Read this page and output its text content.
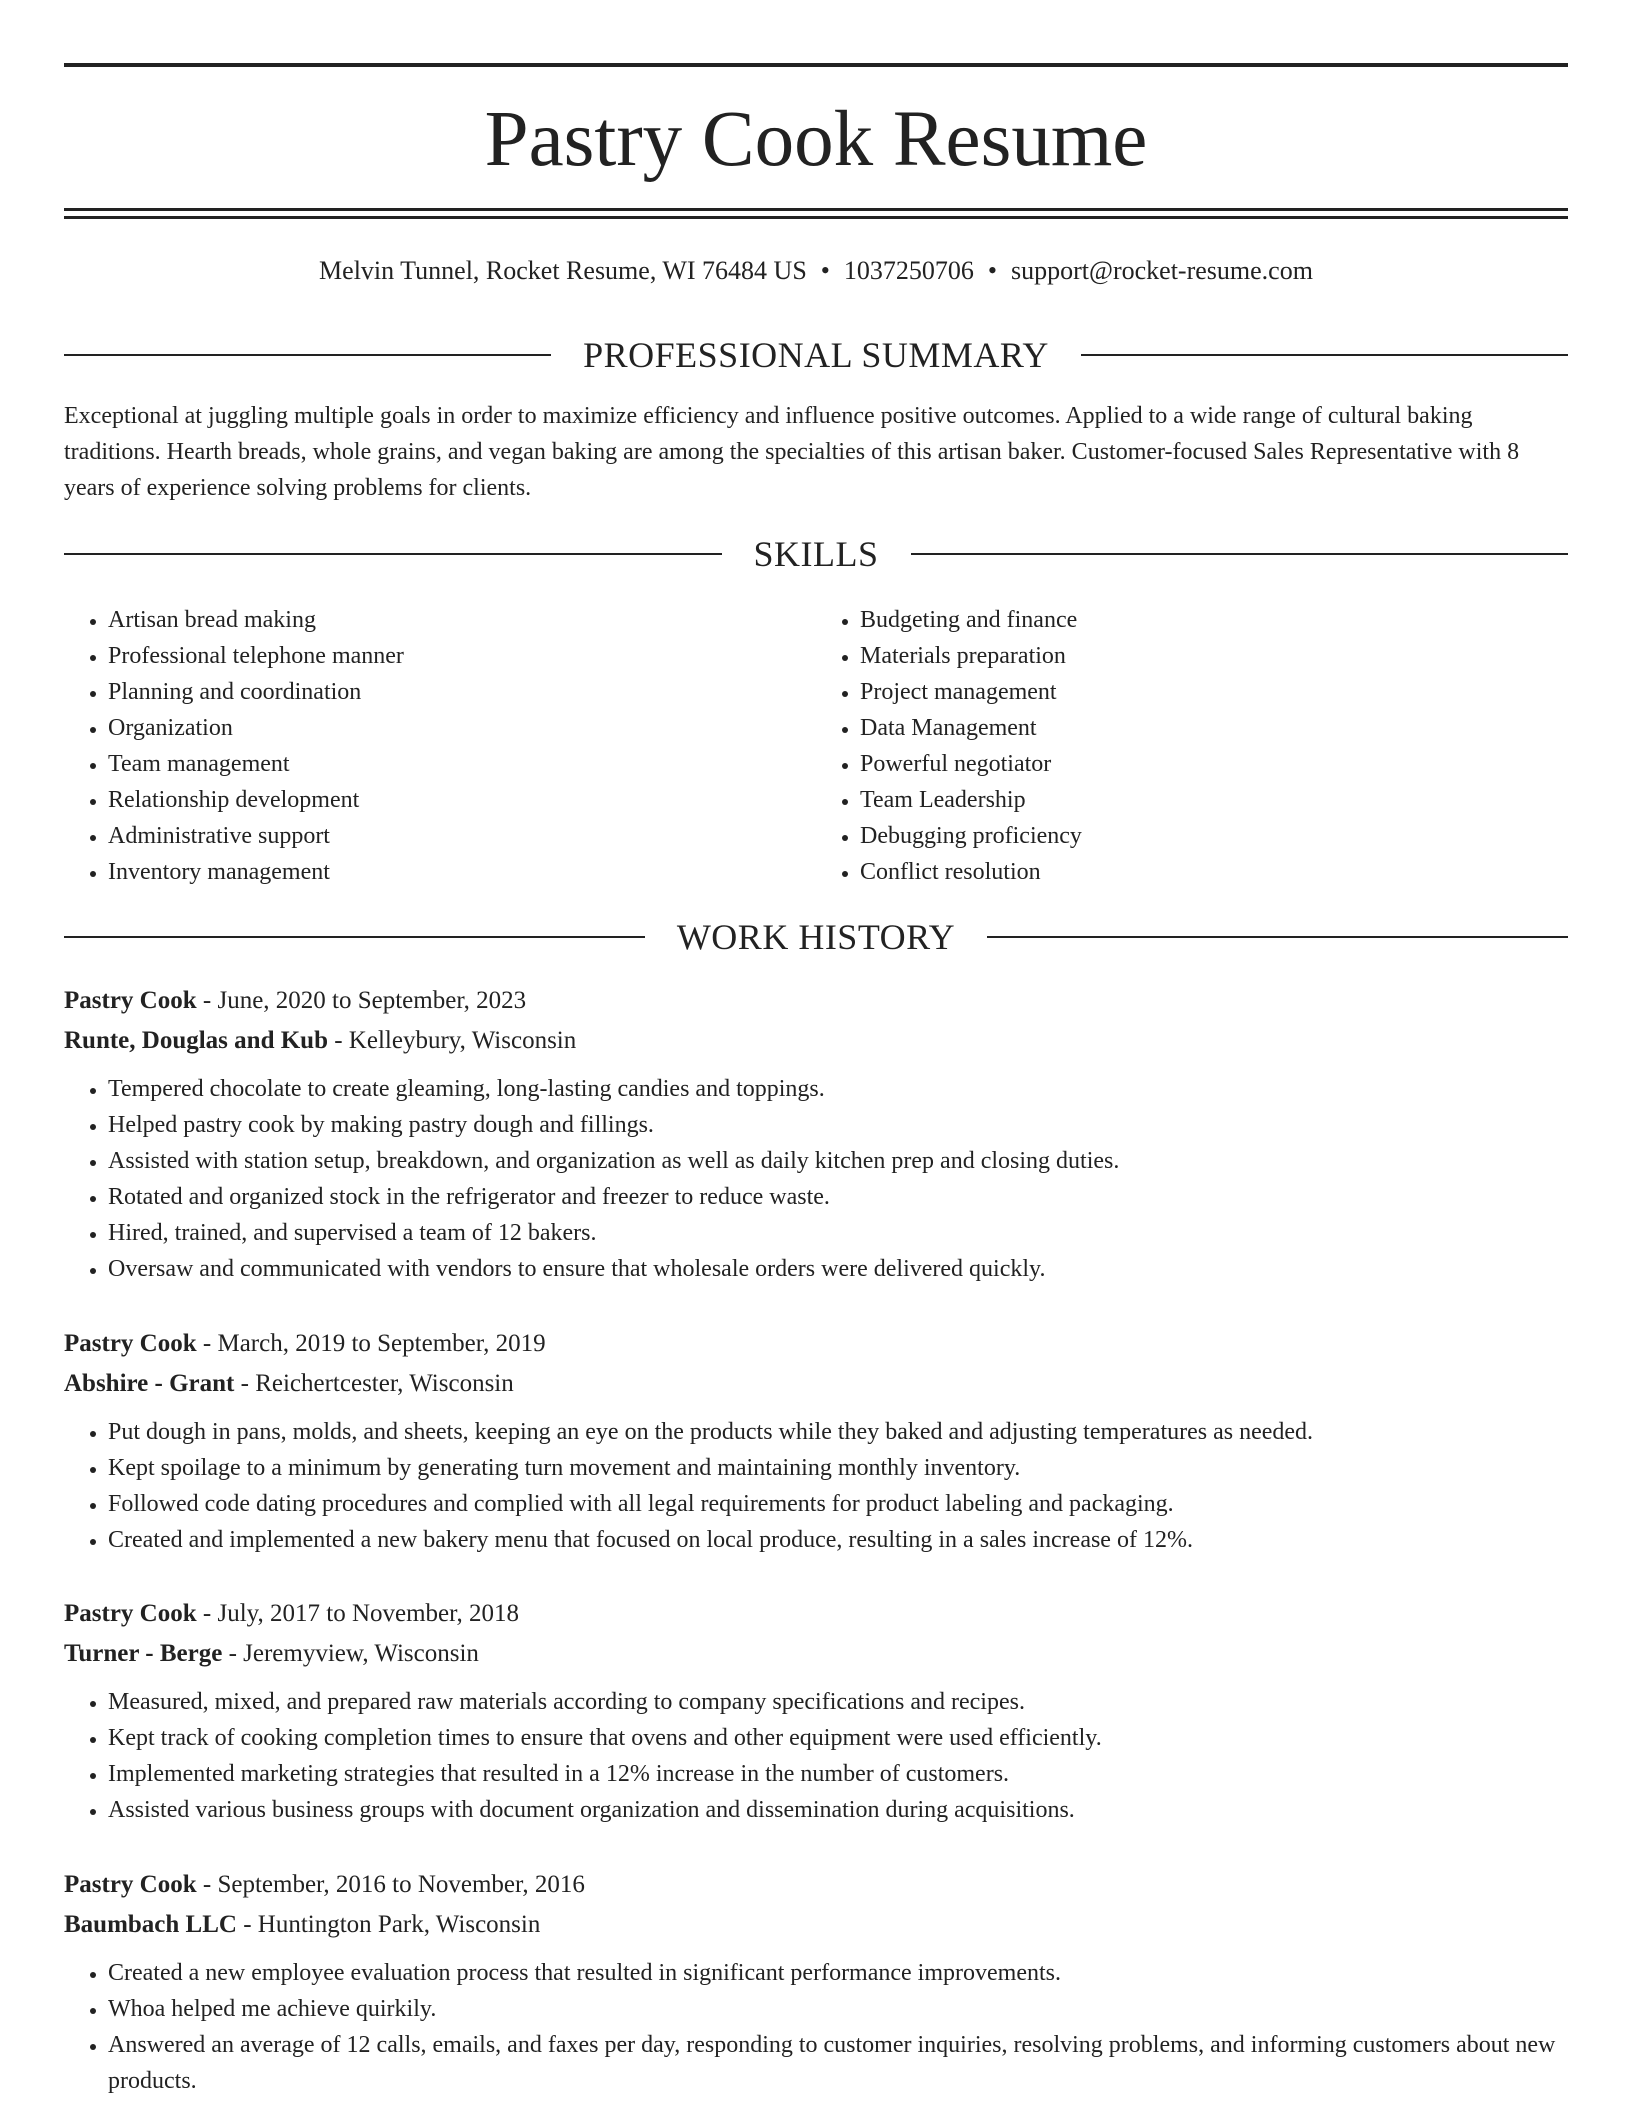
Pastry Cook Resume
Melvin Tunnel, Rocket Resume, WI 76484 US • 1037250706 • support@rocket-resume.com
PROFESSIONAL SUMMARY

Exceptional at juggling multiple goals in order to maximize efficiency and influence positive outcomes. Applied to a wide range of cultural baking traditions. Hearth breads, whole grains, and vegan baking are among the specialties of this artisan baker. Customer-focused Sales Representative with 8 years of experience solving problems for clients.

SKILLS
• Artisan bread making
• Professional telephone manner
• Planning and coordination
• Organization
• Team management
• Relationship development
• Administrative support
• Inventory management
• Budgeting and finance
• Materials preparation
• Project management
• Data Management
• Powerful negotiator
• Team Leadership
• Debugging proficiency
• Conflict resolution
WORK HISTORY
Pastry Cook - June, 2020 to September, 2023
Runte, Douglas and Kub - Kelleybury, Wisconsin
• Tempered chocolate to create gleaming, long-lasting candies and toppings.
• Helped pastry cook by making pastry dough and fillings.
• Assisted with station setup, breakdown, and organization as well as daily kitchen prep and closing duties.
• Rotated and organized stock in the refrigerator and freezer to reduce waste.
• Hired, trained, and supervised a team of 12 bakers.
• Oversaw and communicated with vendors to ensure that wholesale orders were delivered quickly.
Pastry Cook - March, 2019 to September, 2019
Abshire - Grant - Reichertcester, Wisconsin
• Put dough in pans, molds, and sheets, keeping an eye on the products while they baked and adjusting temperatures as needed.
• Kept spoilage to a minimum by generating turn movement and maintaining monthly inventory.
• Followed code dating procedures and complied with all legal requirements for product labeling and packaging.
• Created and implemented a new bakery menu that focused on local produce, resulting in a sales increase of 12%.
Pastry Cook - July, 2017 to November, 2018
Turner - Berge - Jeremyview, Wisconsin
• Measured, mixed, and prepared raw materials according to company specifications and recipes.
• Kept track of cooking completion times to ensure that ovens and other equipment were used efficiently.
• Implemented marketing strategies that resulted in a 12% increase in the number of customers.
• Assisted various business groups with document organization and dissemination during acquisitions.
Pastry Cook - September, 2016 to November, 2016
Baumbach LLC - Huntington Park, Wisconsin
• Created a new employee evaluation process that resulted in significant performance improvements.
• Whoa helped me achieve quirkily.
• Answered an average of 12 calls, emails, and faxes per day, responding to customer inquiries, resolving problems, and informing customers about new products.
